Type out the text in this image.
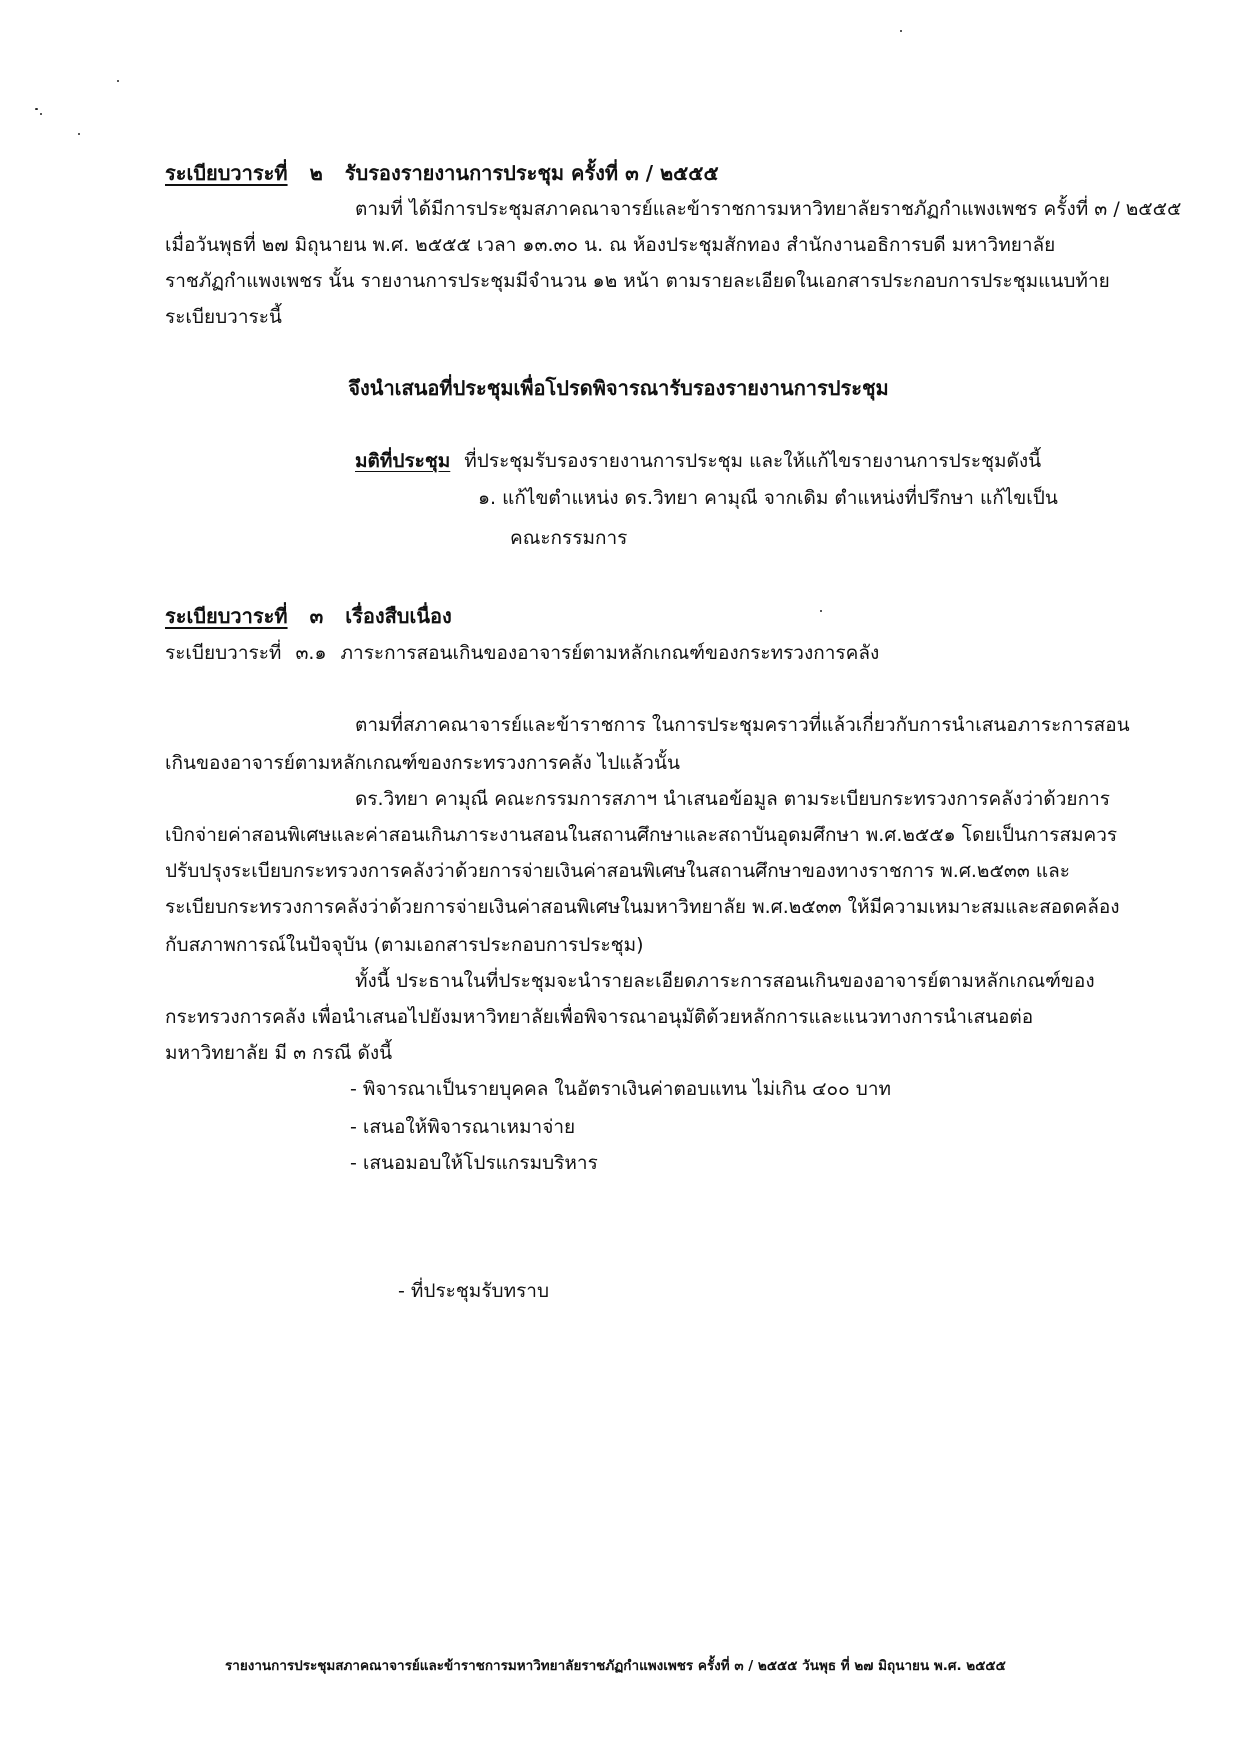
ระเบียบวาระที่ ๒ รับรองรายงานการประชุม ครั้งที่ ๓ / ๒๕๕๕
ตามที่ ได้มีการประชุมสภาคณาจารย์และข้าราชการมหาวิทยาลัยราชภัฏกำแพงเพชร ครั้งที่ ๓ / ๒๕๕๕
เมื่อวันพุธที่ ๒๗ มิถุนายน พ.ศ. ๒๕๕๕ เวลา ๑๓.๓๐ น. ณ ห้องประชุมสักทอง สำนักงานอธิการบดี มหาวิทยาลัย
ราชภัฏกำแพงเพชร นั้น รายงานการประชุมมีจำนวน ๑๒ หน้า ตามรายละเอียดในเอกสารประกอบการประชุมแนบท้าย
ระเบียบวาระนี้
จึงนำเสนอที่ประชุมเพื่อโปรดพิจารณารับรองรายงานการประชุม
มติที่ประชุม ที่ประชุมรับรองรายงานการประชุม และให้แก้ไขรายงานการประชุมดังนี้
๑. แก้ไขตำแหน่ง ดร.วิทยา คามุณี จากเดิม ตำแหน่งที่ปรึกษา แก้ไขเป็น
คณะกรรมการ
ระเบียบวาระที่ ๓ เรื่องสืบเนื่อง
ระเบียบวาระที่ ๓.๑ ภาระการสอนเกินของอาจารย์ตามหลักเกณฑ์ของกระทรวงการคลัง
ตามที่สภาคณาจารย์และข้าราชการ ในการประชุมคราวที่แล้วเกี่ยวกับการนำเสนอภาระการสอน
เกินของอาจารย์ตามหลักเกณฑ์ของกระทรวงการคลัง ไปแล้วนั้น
ดร.วิทยา คามุณี คณะกรรมการสภาฯ นำเสนอข้อมูล ตามระเบียบกระทรวงการคลังว่าด้วยการ
เบิกจ่ายค่าสอนพิเศษและค่าสอนเกินภาระงานสอนในสถานศึกษาและสถาบันอุดมศึกษา พ.ศ.๒๕๕๑ โดยเป็นการสมควร
ปรับปรุงระเบียบกระทรวงการคลังว่าด้วยการจ่ายเงินค่าสอนพิเศษในสถานศึกษาของทางราชการ พ.ศ.๒๕๓๓ และ
ระเบียบกระทรวงการคลังว่าด้วยการจ่ายเงินค่าสอนพิเศษในมหาวิทยาลัย พ.ศ.๒๕๓๓ ให้มีความเหมาะสมและสอดคล้อง
กับสภาพการณ์ในปัจจุบัน (ตามเอกสารประกอบการประชุม)
ทั้งนี้ ประธานในที่ประชุมจะนำรายละเอียดภาระการสอนเกินของอาจารย์ตามหลักเกณฑ์ของ
กระทรวงการคลัง เพื่อนำเสนอไปยังมหาวิทยาลัยเพื่อพิจารณาอนุมัติด้วยหลักการและแนวทางการนำเสนอต่อ
มหาวิทยาลัย มี ๓ กรณี ดังนี้
- พิจารณาเป็นรายบุคคล ในอัตราเงินค่าตอบแทน ไม่เกิน ๔๐๐ บาท
- เสนอให้พิจารณาเหมาจ่าย
- เสนอมอบให้โปรแกรมบริหาร
- ที่ประชุมรับทราบ
รายงานการประชุมสภาคณาจารย์และข้าราชการมหาวิทยาลัยราชภัฏกำแพงเพชร ครั้งที่ ๓ / ๒๕๕๕ วันพุธ ที่ ๒๗ มิถุนายน พ.ศ. ๒๕๕๕
